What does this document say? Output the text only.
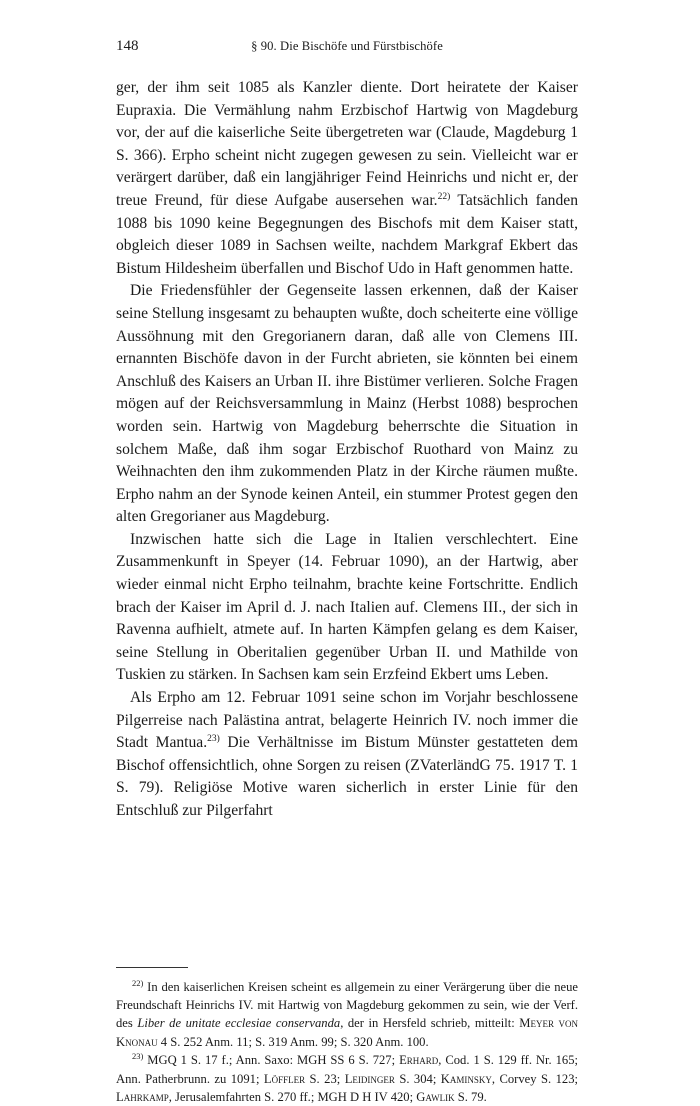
148	§ 90. Die Bischöfe und Fürstbischöfe

ger, der ihm seit 1085 als Kanzler diente. Dort heiratete der Kaiser Eupraxia. Die Vermählung nahm Erzbischof Hartwig von Magdeburg vor, der auf die kaiserliche Seite übergetreten war (Claude, Magdeburg 1 S. 366). Erpho scheint nicht zugegen gewesen zu sein. Vielleicht war er verärgert darüber, daß ein langjähriger Feind Heinrichs und nicht er, der treue Freund, für diese Aufgabe ausersehen war.$^{22)}$ Tatsächlich fanden 1088 bis 1090 keine Begegnungen des Bischofs mit dem Kaiser statt, obgleich dieser 1089 in Sachsen weilte, nachdem Markgraf Ekbert das Bistum Hildesheim überfallen und Bischof Udo in Haft genommen hatte.

Die Friedensfühler der Gegenseite lassen erkennen, daß der Kaiser seine Stellung insgesamt zu behaupten wußte, doch scheiterte eine völlige Aussöhnung mit den Gregorianern daran, daß alle von Clemens III. ernannten Bischöfe davon in der Furcht abrieten, sie könnten bei einem Anschluß des Kaisers an Urban II. ihre Bistümer verlieren. Solche Fragen mögen auf der Reichsversammlung in Mainz (Herbst 1088) besprochen worden sein. Hartwig von Magdeburg beherrschte die Situation in solchem Maße, daß ihm sogar Erzbischof Ruothard von Mainz zu Weihnachten den ihm zukommenden Platz in der Kirche räumen mußte. Erpho nahm an der Synode keinen Anteil, ein stummer Protest gegen den alten Gregorianer aus Magdeburg.

Inzwischen hatte sich die Lage in Italien verschlechtert. Eine Zusammenkunft in Speyer (14. Februar 1090), an der Hartwig, aber wieder einmal nicht Erpho teilnahm, brachte keine Fortschritte. Endlich brach der Kaiser im April d. J. nach Italien auf. Clemens III., der sich in Ravenna aufhielt, atmete auf. In harten Kämpfen gelang es dem Kaiser, seine Stellung in Oberitalien gegenüber Urban II. und Mathilde von Tuskien zu stärken. In Sachsen kam sein Erzfeind Ekbert ums Leben.

Als Erpho am 12. Februar 1091 seine schon im Vorjahr beschlossene Pilgerreise nach Palästina antrat, belagerte Heinrich IV. noch immer die Stadt Mantua.$^{23)}$ Die Verhältnisse im Bistum Münster gestatteten dem Bischof offensichtlich, ohne Sorgen zu reisen (ZVaterländG 75. 1917 T. 1 S. 79). Religiöse Motive waren sicherlich in erster Linie für den Entschluß zur Pilgerfahrt

$^{22)}$ In den kaiserlichen Kreisen scheint es allgemein zu einer Verärgerung über die neue Freundschaft Heinrichs IV. mit Hartwig von Magdeburg gekommen zu sein, wie der Verf. des Liber de unitate ecclesiae conservanda, der in Hersfeld schrieb, mitteilt: Meyer von Knonau 4 S. 252 Anm. 11; S. 319 Anm. 99; S. 320 Anm. 100.

$^{23)}$ MGQ 1 S. 17 f.; Ann. Saxo: MGH SS 6 S. 727; Erhard, Cod. 1 S. 129 ff. Nr. 165; Ann. Patherbrunn. zu 1091; Löffler S. 23; Leidinger S. 304; Kaminsky, Corvey S. 123; Lahrkamp, Jerusalemfahrten S. 270 ff.; MGH D H IV 420; Gawlik S. 79.
